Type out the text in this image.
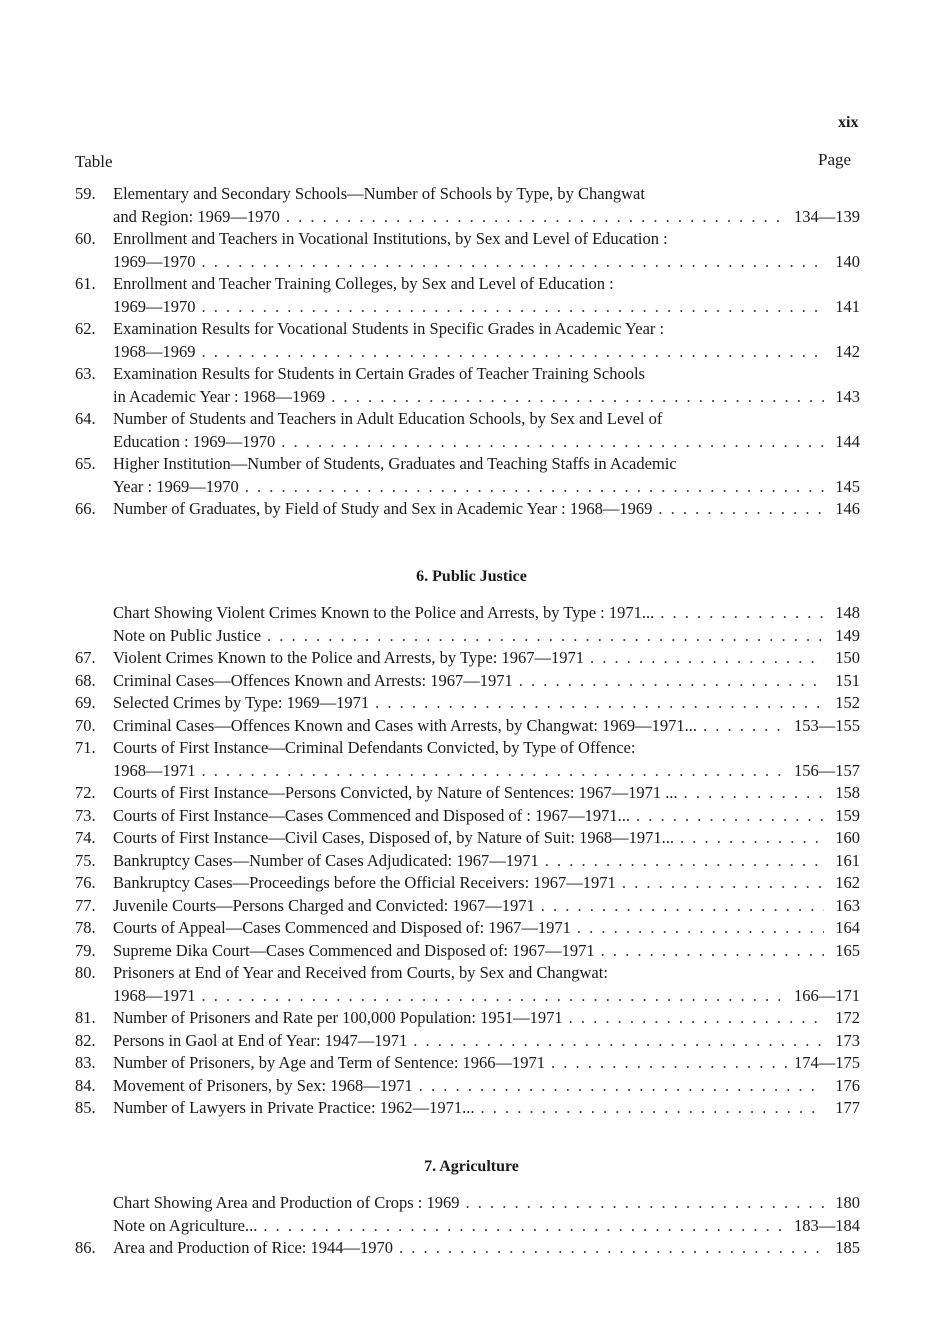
xix
Table	Page
59.	Elementary and Secondary Schools—Number of Schools by Type, by Changwat
and Region: 1969—1970 . . .	134—139
60.	Enrollment and Teachers in Vocational Institutions, by Sex and Level of Education :
1969—1970 . . .	140
61.	Enrollment and Teacher Training Colleges, by Sex and Level of Education :
1969—1970 . . .	141
62.	Examination Results for Vocational Students in Specific Grades in Academic Year :
1968—1969 . . .	142
63.	Examination Results for Students in Certain Grades of Teacher Training Schools
in Academic Year : 1968—1969 . . .	143
64.	Number of Students and Teachers in Adult Education Schools, by Sex and Level of
Education : 1969—1970 . . .	144
65.	Higher Institution—Number of Students, Graduates and Teaching Staffs in Academic
Year : 1969—1970 . . .	145
66.	Number of Graduates, by Field of Study and Sex in Academic Year : 1968—1969 . . .	146
6. Public Justice
Chart Showing Violent Crimes Known to the Police and Arrests, by Type : 1971... . . .	148
Note on Public Justice . . .	149
67.	Violent Crimes Known to the Police and Arrests, by Type: 1967—1971 . . .	150
68.	Criminal Cases—Offences Known and Arrests: 1967—1971 . . .	151
69.	Selected Crimes by Type: 1969—1971 . . .	152
70.	Criminal Cases—Offences Known and Cases with Arrests, by Changwat: 1969—1971... . . .	153—155
71.	Courts of First Instance—Criminal Defendants Convicted, by Type of Offence:
1968—1971 . . .	156—157
72.	Courts of First Instance—Persons Convicted, by Nature of Sentences: 1967—1971 ... . . .	158
73.	Courts of First Instance—Cases Commenced and Disposed of : 1967—1971... . . .	159
74.	Courts of First Instance—Civil Cases, Disposed of, by Nature of Suit: 1968—1971... . . .	160
75.	Bankruptcy Cases—Number of Cases Adjudicated: 1967—1971 . . .	161
76.	Bankruptcy Cases—Proceedings before the Official Receivers: 1967—1971 . . .	162
77.	Juvenile Courts—Persons Charged and Convicted: 1967—1971 . . .	163
78.	Courts of Appeal—Cases Commenced and Disposed of: 1967—1971 . . .	164
79.	Supreme Dika Court—Cases Commenced and Disposed of: 1967—1971 . . .	165
80.	Prisoners at End of Year and Received from Courts, by Sex and Changwat:
1968—1971 . . .	166—171
81.	Number of Prisoners and Rate per 100,000 Population: 1951—1971 . . .	172
82.	Persons in Gaol at End of Year: 1947—1971 . . .	173
83.	Number of Prisoners, by Age and Term of Sentence: 1966—1971 . . .	174—175
84.	Movement of Prisoners, by Sex: 1968—1971 . . .	176
85.	Number of Lawyers in Private Practice: 1962—1971... . . .	177
7. Agriculture
Chart Showing Area and Production of Crops : 1969 . . .	180
Note on Agriculture... . . .	183—184
86.	Area and Production of Rice: 1944—1970 . . .	185
